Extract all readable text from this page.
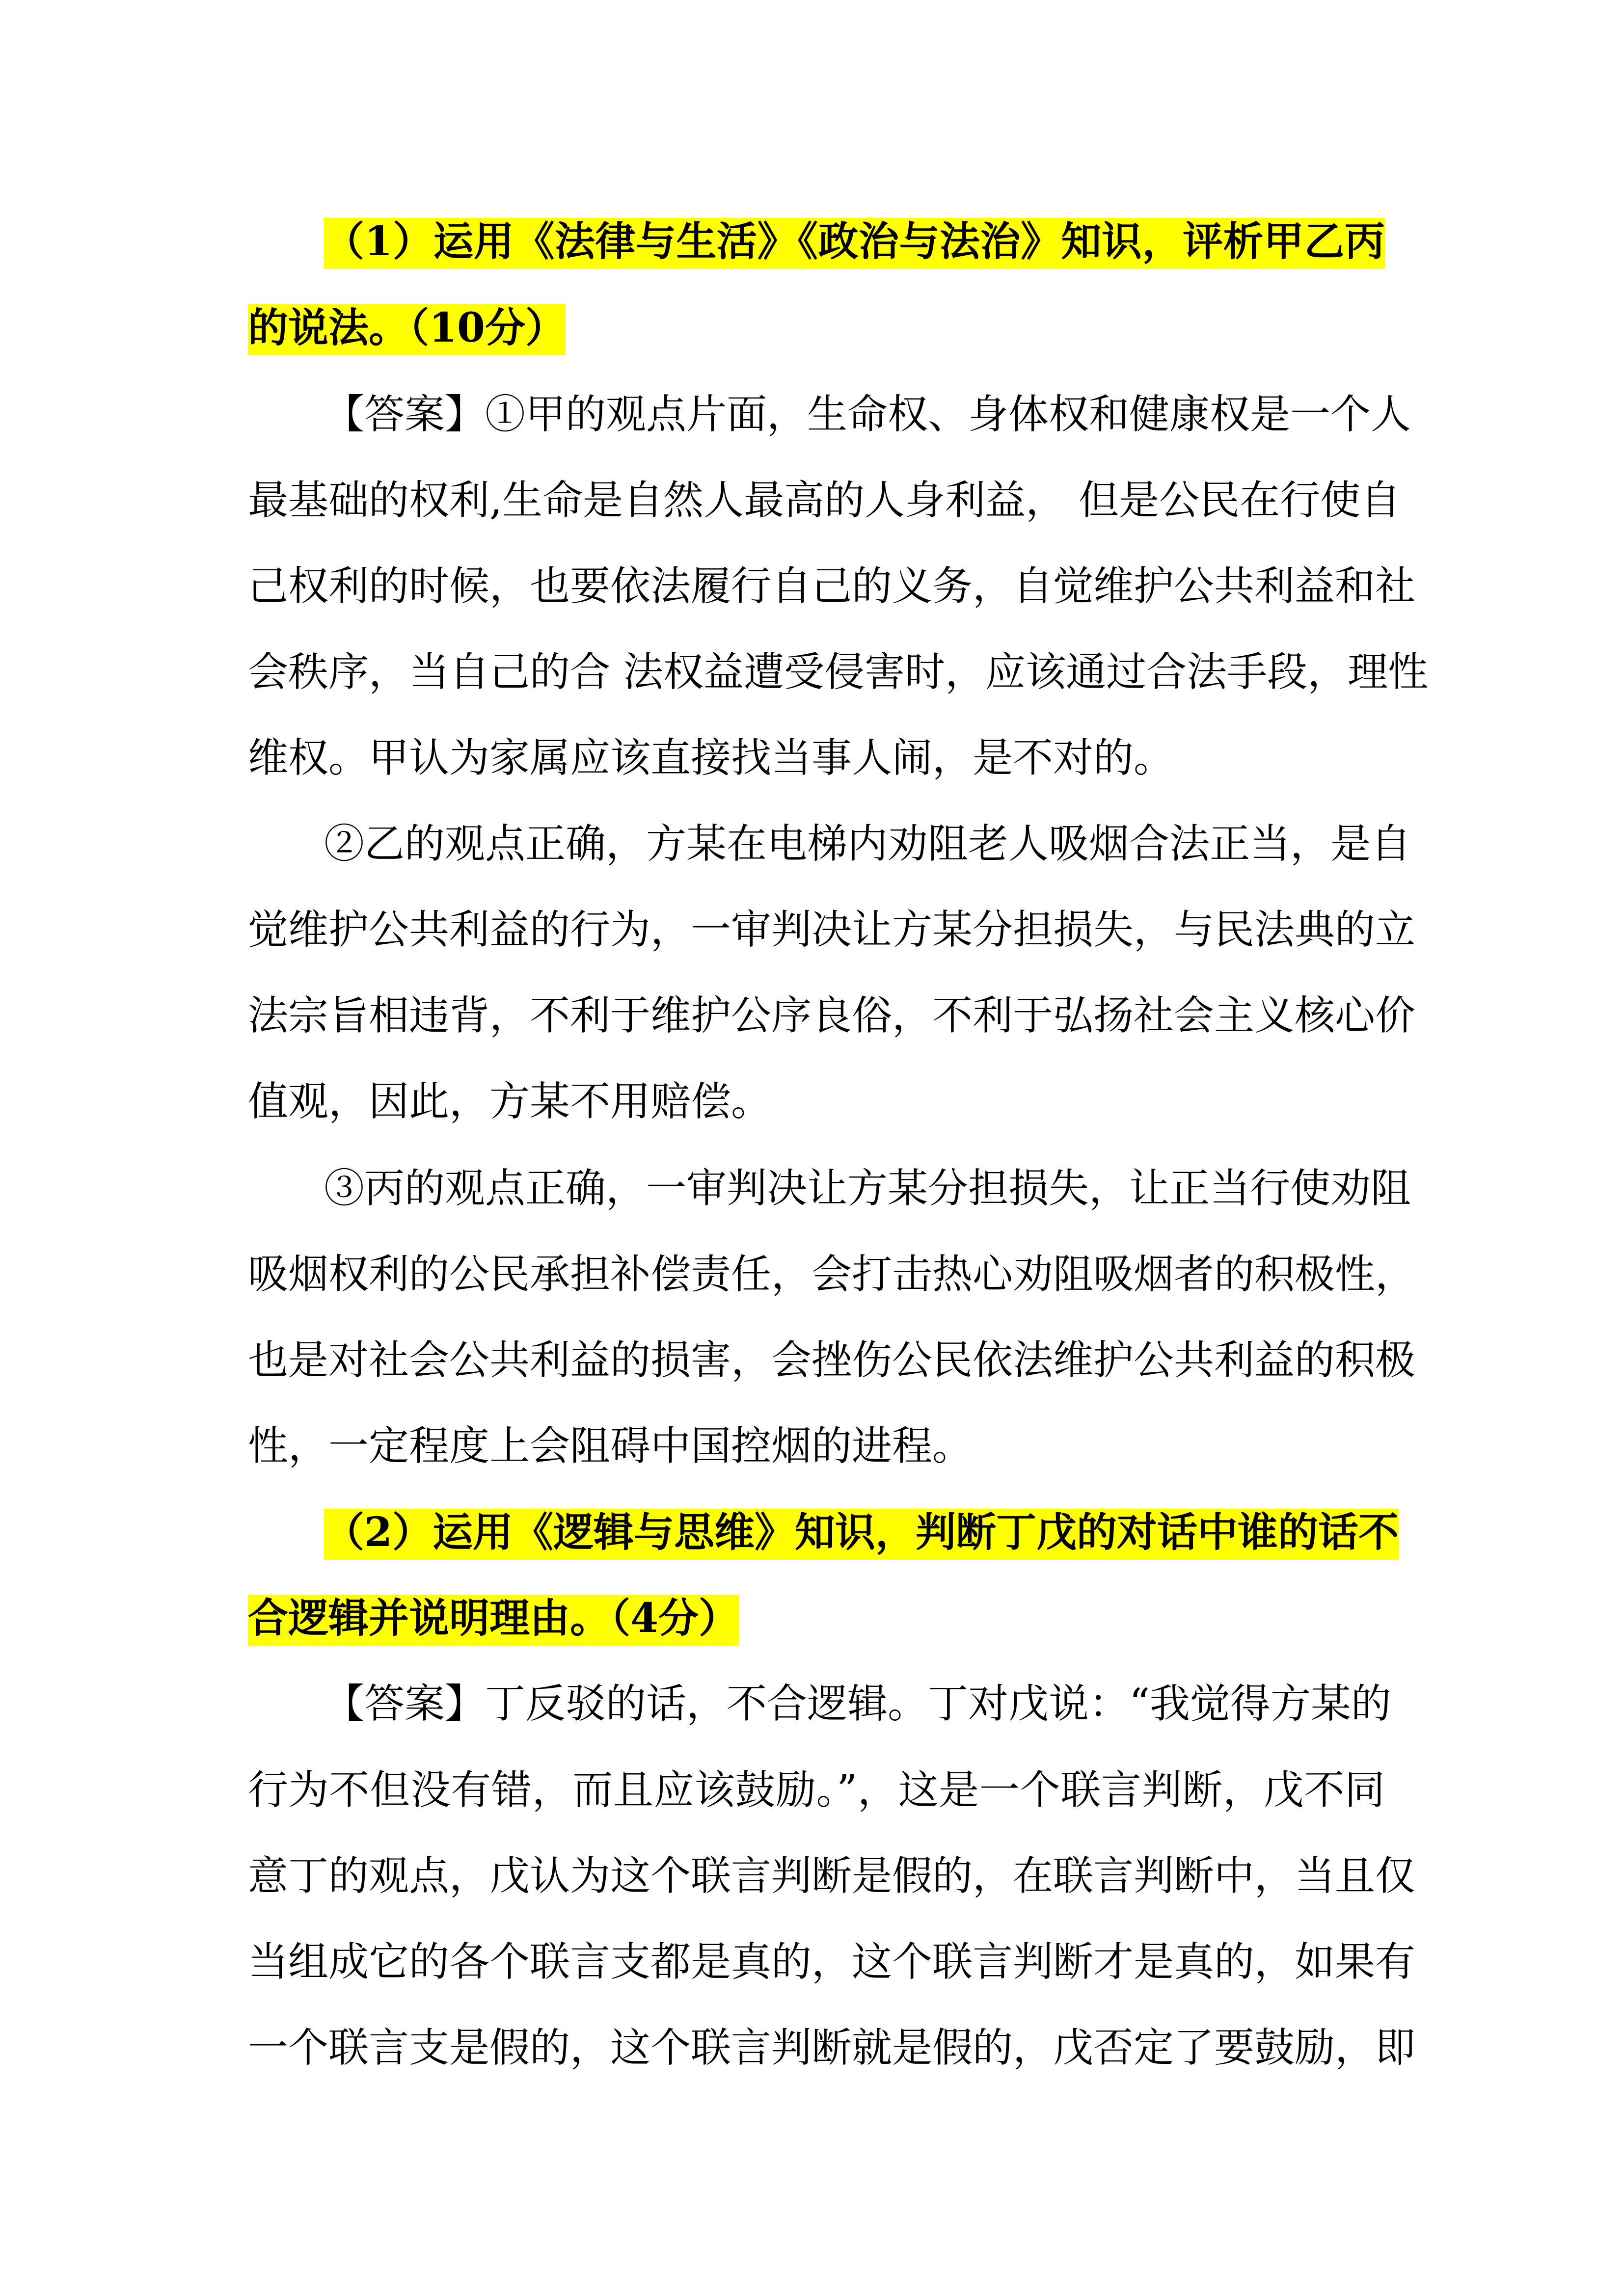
（1）运用《法律与生活》《政治与法治》知识，评析甲乙丙
的说法。（10分）
【答案】①甲的观点片面，生命权、身体权和健康权是一个人
最基础的权利,生命是自然人最高的人身利益， 但是公民在行使自
己权利的时候，也要依法履行自己的义务，自觉维护公共利益和社
会秩序，当自己的合 法权益遭受侵害时，应该通过合法手段，理性
维权。甲认为家属应该直接找当事人闹，是不对的。
②乙的观点正确，方某在电梯内劝阻老人吸烟合法正当，是自
觉维护公共利益的行为，一审判决让方某分担损失，与民法典的立
法宗旨相违背，不利于维护公序良俗，不利于弘扬社会主义核心价
值观，因此，方某不用赔偿。
③丙的观点正确，一审判决让方某分担损失，让正当行使劝阻
吸烟权利的公民承担补偿责任，会打击热心劝阻吸烟者的积极性，
也是对社会公共利益的损害，会挫伤公民依法维护公共利益的积极
性，一定程度上会阻碍中国控烟的进程。
（2）运用《逻辑与思维》知识，判断丁戊的对话中谁的话不
合逻辑并说明理由。（4分）
【答案】丁反驳的话，不合逻辑。丁对戊说：“我觉得方某的
行为不但没有错，而且应该鼓励。”，这是一个联言判断，戊不同
意丁的观点，戊认为这个联言判断是假的，在联言判断中，当且仅
当组成它的各个联言支都是真的，这个联言判断才是真的，如果有
一个联言支是假的，这个联言判断就是假的，戊否定了要鼓励，即
